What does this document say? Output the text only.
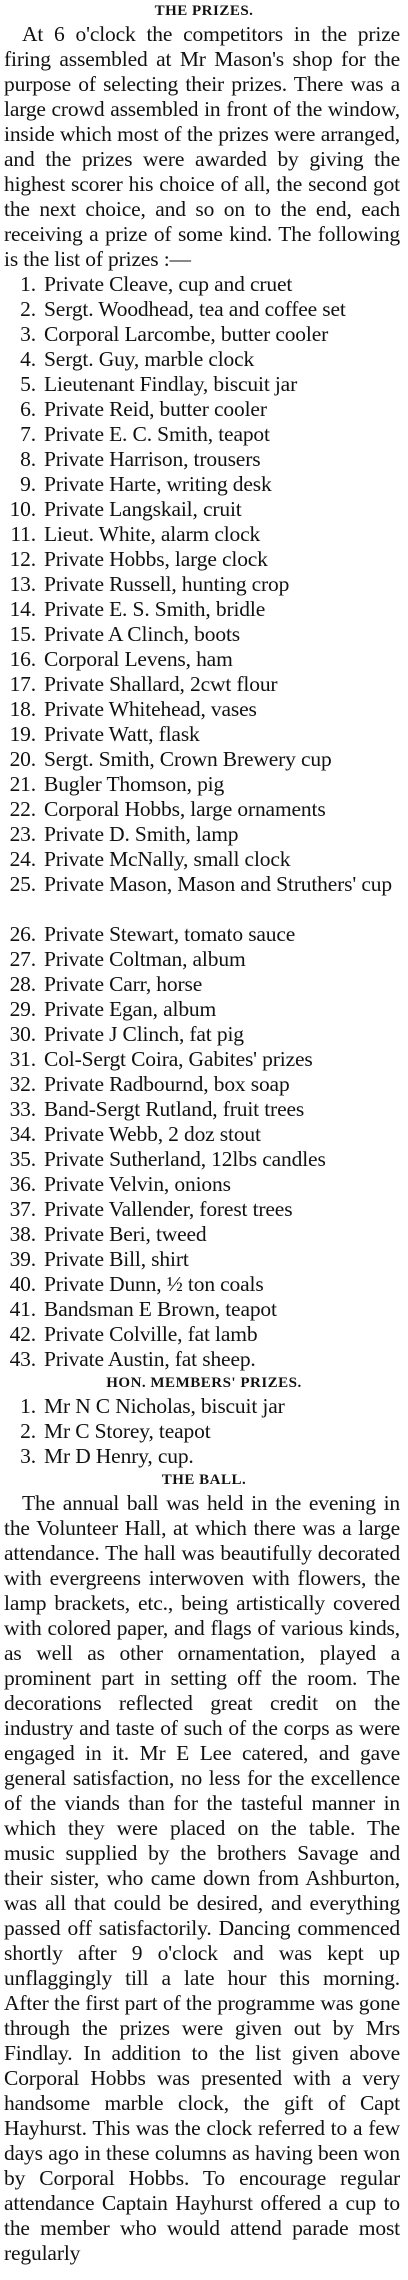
THE PRIZES.

At 6 o'clock the competitors in the prize firing assembled at Mr Mason's shop for the purpose of selecting their prizes. There was a large crowd assembled in front of the window, inside which most of the prizes were arranged, and the prizes were awarded by giving the highest scorer his choice of all, the second got the next choice, and so on to the end, each receiving a prize of some kind. The following is the list of prizes :—

1. Private Cleave, cup and cruet
2. Sergt. Woodhead, tea and coffee set
3. Corporal Larcombe, butter cooler
4. Sergt. Guy, marble clock
5. Lieutenant Findlay, biscuit jar
6. Private Reid, butter cooler
7. Private E. C. Smith, teapot
8. Private Harrison, trousers
9. Private Harte, writing desk
10. Private Langskail, cruit
11. Lieut. White, alarm clock
12. Private Hobbs, large clock
13. Private Russell, hunting crop
14. Private E. S. Smith, bridle
15. Private A Clinch, boots
16. Corporal Levens, ham
17. Private Shallard, 2cwt flour
18. Private Whitehead, vases
19. Private Watt, flask
20. Sergt. Smith, Crown Brewery cup
21. Bugler Thomson, pig
22. Corporal Hobbs, large ornaments
23. Private D. Smith, lamp
24. Private McNally, small clock
25. Private Mason, Mason and Struthers' cup
26. Private Stewart, tomato sauce
27. Private Coltman, album
28. Private Carr, horse
29. Private Egan, album
30. Private J Clinch, fat pig
31. Col-Sergt Coira, Gabites' prizes
32. Private Radbournd, box soap
33. Band-Sergt Rutland, fruit trees
34. Private Webb, 2 doz stout
35. Private Sutherland, 12lbs candles
36. Private Velvin, onions
37. Private Vallender, forest trees
38. Private Beri, tweed
39. Private Bill, shirt
40. Private Dunn, ½ ton coals
41. Bandsman E Brown, teapot
42. Private Colville, fat lamb
43. Private Austin, fat sheep.
HON. MEMBERS' PRIZES.
1. Mr N C Nicholas, biscuit jar
2. Mr C Storey, teapot
3. Mr D Henry, cup.
THE BALL.

The annual ball was held in the evening in the Volunteer Hall, at which there was a large attendance. The hall was beautifully decorated with evergreens interwoven with flowers, the lamp brackets, etc., being artistically covered with colored paper, and flags of various kinds, as well as other ornamentation, played a prominent part in setting off the room. The decorations reflected great credit on the industry and taste of such of the corps as were engaged in it. Mr E Lee catered, and gave general satisfaction, no less for the excellence of the viands than for the tasteful manner in which they were placed on the table. The music supplied by the brothers Savage and their sister, who came down from Ashburton, was all that could be desired, and everything passed off satisfactorily. Dancing commenced shortly after 9 o'clock and was kept up unflaggingly till a late hour this morning. After the first part of the programme was gone through the prizes were given out by Mrs Findlay. In addition to the list given above Corporal Hobbs was presented with a very handsome marble clock, the gift of Capt Hayhurst. This was the clock referred to a few days ago in these columns as having been won by Corporal Hobbs. To encourage regular attendance Captain Hayhurst offered a cup to the member who would attend parade most regularly
